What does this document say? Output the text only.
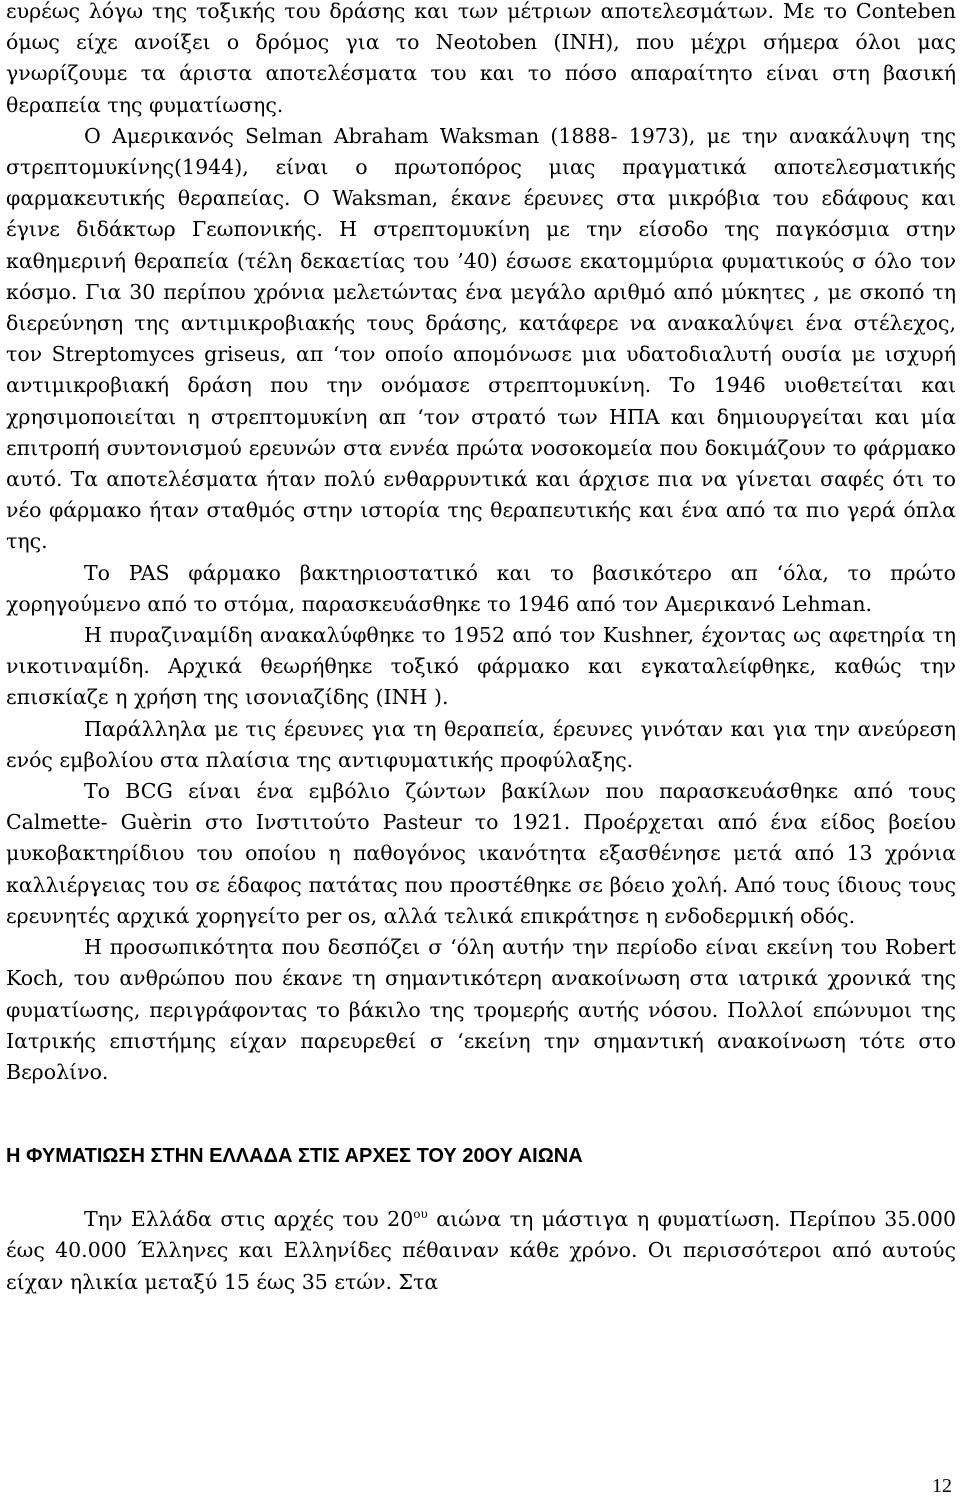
ευρέως λόγω της τοξικής του δράσης και των μέτριων αποτελεσμάτων. Με το Conteben όμως είχε ανοίξει ο δρόμος για το Neotoben (INH), που μέχρι σήμερα όλοι μας γνωρίζουμε τα άριστα αποτελέσματα του και το πόσο απαραίτητο είναι στη βασική θεραπεία της φυματίωσης.

Ο Αμερικανός Selman Abraham Waksman (1888- 1973), με την ανακάλυψη της στρεπτομυκίνης(1944), είναι ο πρωτοπόρος μιας πραγματικά αποτελεσματικής φαρμακευτικής θεραπείας. Ο Waksman, έκανε έρευνες στα μικρόβια του εδάφους και έγινε διδάκτωρ Γεωπονικής. Η στρεπτομυκίνη με την είσοδο της παγκόσμια στην καθημερινή θεραπεία (τέλη δεκαετίας του ’40) έσωσε εκατομμύρια φυματικούς σ όλο τον κόσμο. Για 30 περίπου χρόνια μελετώντας ένα μεγάλο αριθμό από μύκητες , με σκοπό τη διερεύνηση της αντιμικροβιακής τους δράσης, κατάφερε να ανακαλύψει ένα στέλεχος, τον Streptomyces griseus, απ ‘τον οποίο απομόνωσε μια υδατοδιαλυτή ουσία με ισχυρή αντιμικροβιακή δράση που την ονόμασε στρεπτομυκίνη. Το 1946 υιοθετείται και χρησιμοποιείται η στρεπτομυκίνη απ ‘τον στρατό των ΗΠΑ και δημιουργείται και μία επιτροπή συντονισμού ερευνών στα εννέα πρώτα νοσοκομεία που δοκιμάζουν το φάρμακο αυτό. Τα αποτελέσματα ήταν πολύ ενθαρρυντικά και άρχισε πια να γίνεται σαφές ότι το νέο φάρμακο ήταν σταθμός στην ιστορία της θεραπευτικής και ένα από τα πιο γερά όπλα της.

Το PAS φάρμακο βακτηριοστατικό και το βασικότερο απ ‘όλα, το πρώτο χορηγούμενο από το στόμα, παρασκευάσθηκε το 1946 από τον Αμερικανό Lehman.

Η πυραζιναμίδη ανακαλύφθηκε το 1952 από τον Kushner, έχοντας ως αφετηρία τη νικοτιναμίδη. Αρχικά θεωρήθηκε τοξικό φάρμακο και εγκαταλείφθηκε, καθώς την επισκίαζε η χρήση της ισονιαζίδης (INH ).

Παράλληλα με τις έρευνες για τη θεραπεία, έρευνες γινόταν και για την ανεύρεση ενός εμβολίου στα πλαίσια της αντιφυματικής προφύλαξης.

Το BCG είναι ένα εμβόλιο ζώντων βακίλων που παρασκευάσθηκε από τους Calmette- Guèrin στο Ινστιτούτο Pasteur το 1921. Προέρχεται από ένα είδος βοείου μυκοβακτηρίδιου του οποίου η παθογόνος ικανότητα εξασθένησε μετά από 13 χρόνια καλλιέργειας του σε έδαφος πατάτας που προστέθηκε σε βόειο χολή. Από τους ίδιους τους ερευνητές αρχικά χορηγείτο per os, αλλά τελικά επικράτησε η ενδοδερμική οδός.

Η προσωπικότητα που δεσπόζει σ ‘όλη αυτήν την περίοδο είναι εκείνη του Robert Koch, του ανθρώπου που έκανε τη σημαντικότερη ανακοίνωση στα ιατρικά χρονικά της φυματίωσης, περιγράφοντας το βάκιλο της τρομερής αυτής νόσου. Πολλοί επώνυμοι της Ιατρικής επιστήμης είχαν παρευρεθεί σ ‘εκείνη την σημαντική ανακοίνωση τότε στο Βερολίνο.

Η ΦΥΜΑΤΙΩΣΗ ΣΤΗΝ ΕΛΛΑΔΑ ΣΤΙΣ ΑΡΧΕΣ ΤΟΥ 20ΟΥ ΑΙΩΝΑ

Την Ελλάδα στις αρχές του $20^{o\upsilon}$ αιώνα τη μάστιγα η φυματίωση. Περίπου 35.000 έως 40.000 Έλληνες και Ελληνίδες πέθαιναν κάθε χρόνο. Οι περισσότεροι από αυτούς είχαν ηλικία μεταξύ 15 έως 35 ετών. Στα

12
